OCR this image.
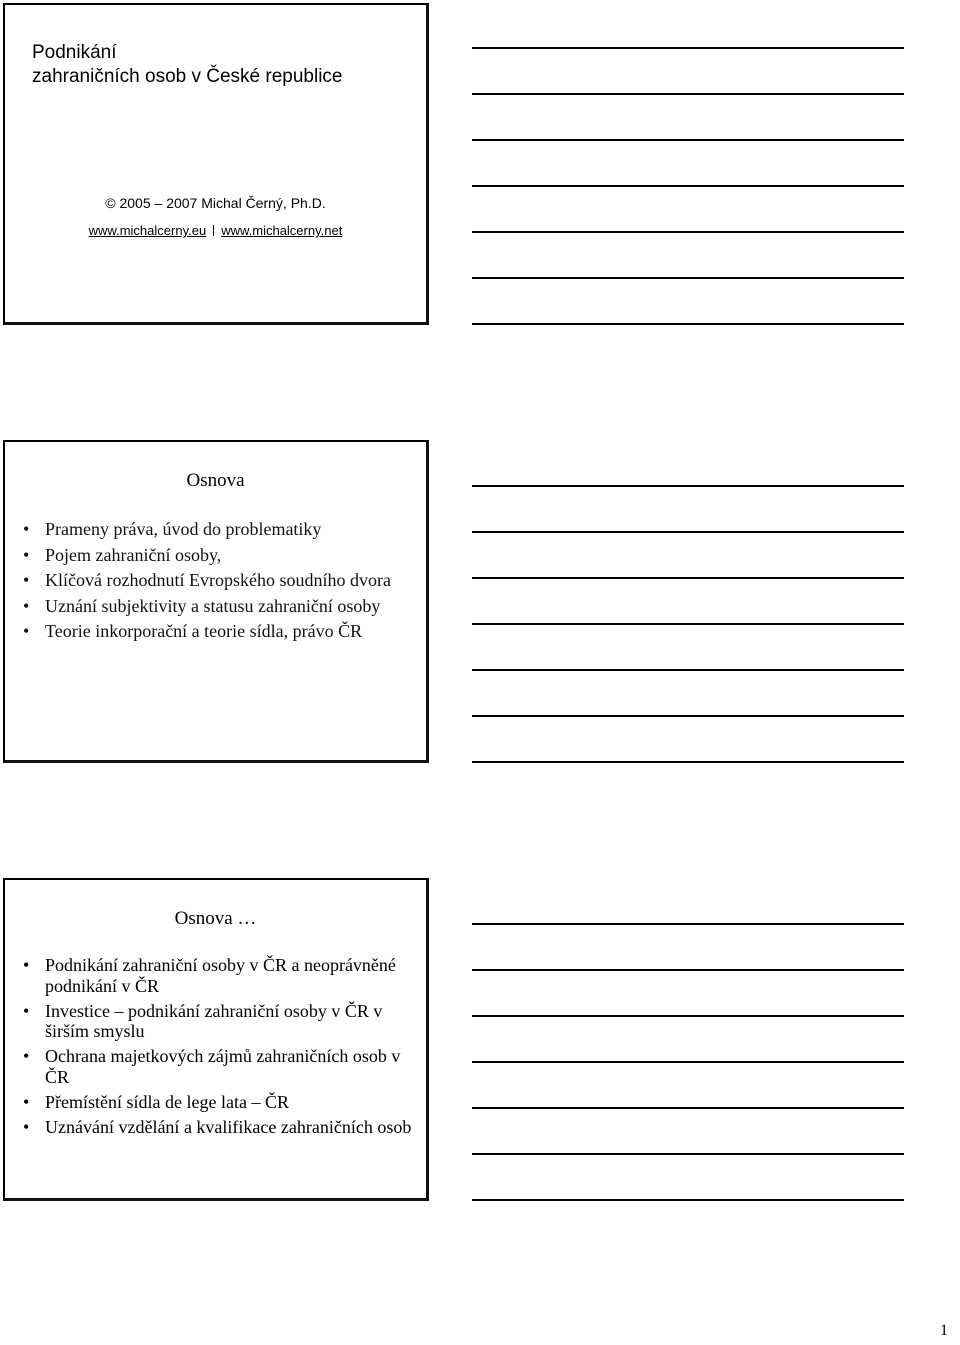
Podnikání
zahraničních osob v České republice
© 2005 – 2007 Michal Černý, Ph.D.
www.michalcerny.eu www.michalcerny.net
Osnova
• Prameny práva, úvod do problematiky
• Pojem zahraniční osoby,
• Klíčová rozhodnutí Evropského soudního dvora
• Uznání subjektivity a statusu zahraniční osoby
• Teorie inkorporační a teorie sídla, právo ČR
Osnova …
• Podnikání zahraniční osoby v ČR a neoprávněné podnikání v ČR
• Investice – podnikání zahraniční osoby v ČR v širším smyslu
• Ochrana majetkových zájmů zahraničních osob v ČR
• Přemístění sídla de lege lata – ČR
• Uznávání vzdělání a kvalifikace zahraničních osob
1
